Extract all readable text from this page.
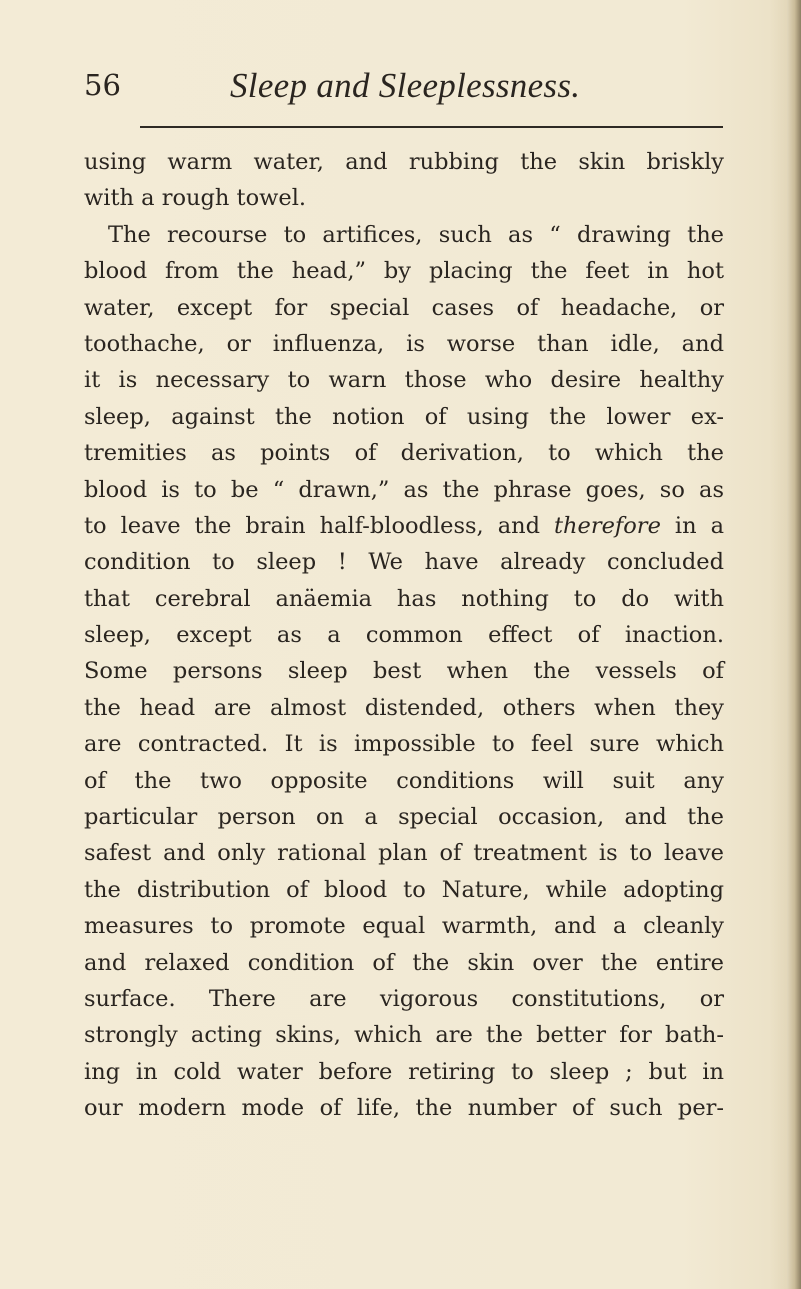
56	Sleep and Sleeplessness.
using warm water, and rubbing the skin briskly
with a rough towel.
The recourse to artifices, such as “ drawing the
blood from the head,” by placing the feet in hot
water, except for special cases of headache, or
toothache, or influenza, is worse than idle, and
it is necessary to warn those who desire healthy
sleep, against the notion of using the lower ex-
tremities as points of derivation, to which the
blood is to be “ drawn,” as the phrase goes, so as
to leave the brain half-bloodless, and therefore in a
condition to sleep ! We have already concluded
that cerebral anäemia has nothing to do with
sleep, except as a common effect of inaction.
Some persons sleep best when the vessels of
the head are almost distended, others when they
are contracted. It is impossible to feel sure which
of the two opposite conditions will suit any
particular person on a special occasion, and the
safest and only rational plan of treatment is to leave
the distribution of blood to Nature, while adopting
measures to promote equal warmth, and a cleanly
and relaxed condition of the skin over the entire
surface. There are vigorous constitutions, or
strongly acting skins, which are the better for bath-
ing in cold water before retiring to sleep ; but in
our modern mode of life, the number of such per-
